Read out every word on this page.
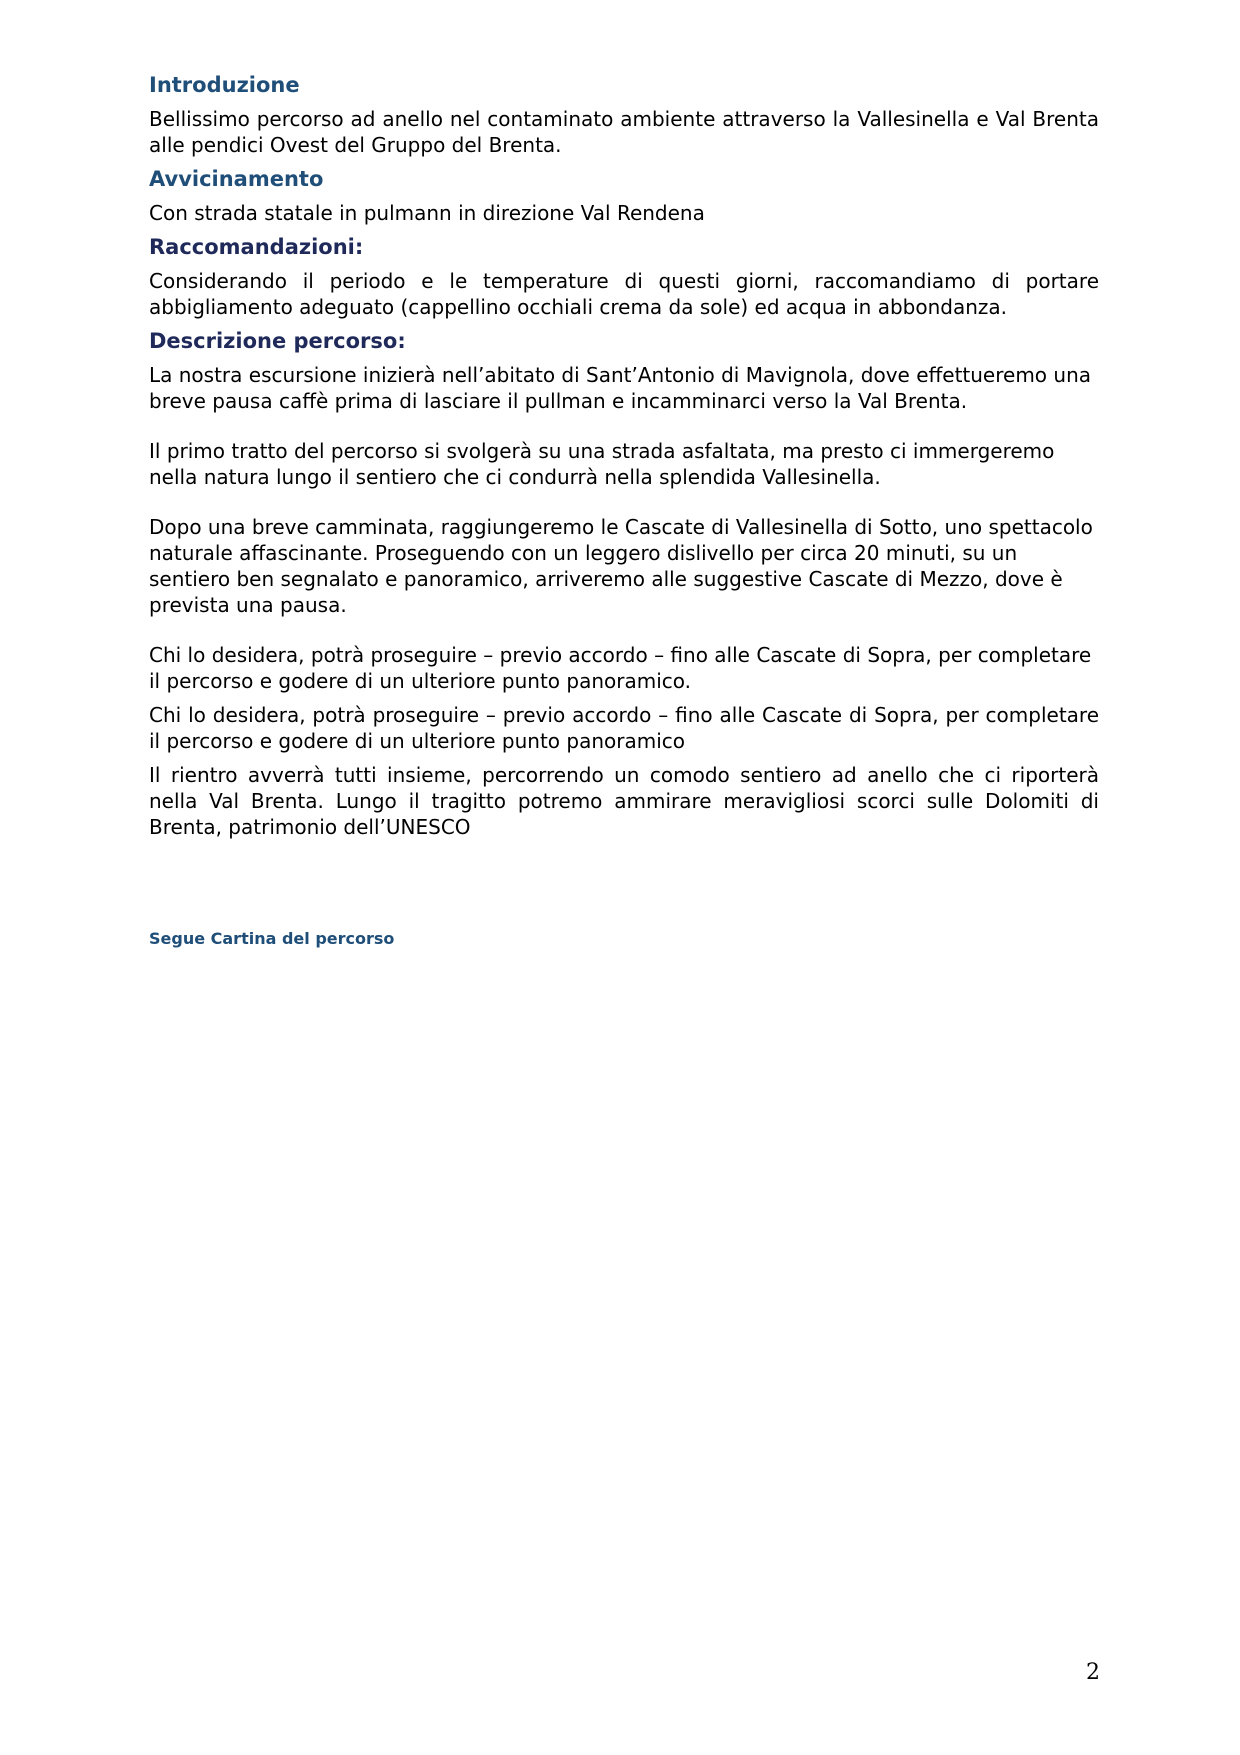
Introduzione

Bellissimo percorso ad anello nel contaminato ambiente attraverso la Vallesinella e Val Brenta alle pendici Ovest del Gruppo del Brenta.

Avvicinamento

Con strada statale in pulmann in direzione Val Rendena

Raccomandazioni:

Considerando il periodo e le temperature di questi giorni, raccomandiamo di portare abbigliamento adeguato (cappellino occhiali crema da sole) ed acqua in abbondanza.

Descrizione percorso:

La nostra escursione inizierà nell’abitato di Sant’Antonio di Mavignola, dove effettueremo una breve pausa caffè prima di lasciare il pullman e incamminarci verso la Val Brenta.

Il primo tratto del percorso si svolgerà su una strada asfaltata, ma presto ci immergeremo nella natura lungo il sentiero che ci condurrà nella splendida Vallesinella.

Dopo una breve camminata, raggiungeremo le Cascate di Vallesinella di Sotto, uno spettacolo naturale affascinante. Proseguendo con un leggero dislivello per circa 20 minuti, su un sentiero ben segnalato e panoramico, arriveremo alle suggestive Cascate di Mezzo, dove è prevista una pausa.

Chi lo desidera, potrà proseguire – previo accordo – fino alle Cascate di Sopra, per completare il percorso e godere di un ulteriore punto panoramico.

Chi lo desidera, potrà proseguire – previo accordo – fino alle Cascate di Sopra, per completare il percorso e godere di un ulteriore punto panoramico

Il rientro avverrà tutti insieme, percorrendo un comodo sentiero ad anello che ci riporterà nella Val Brenta. Lungo il tragitto potremo ammirare meravigliosi scorci sulle Dolomiti di Brenta, patrimonio dell’UNESCO

Segue Cartina del percorso
2
